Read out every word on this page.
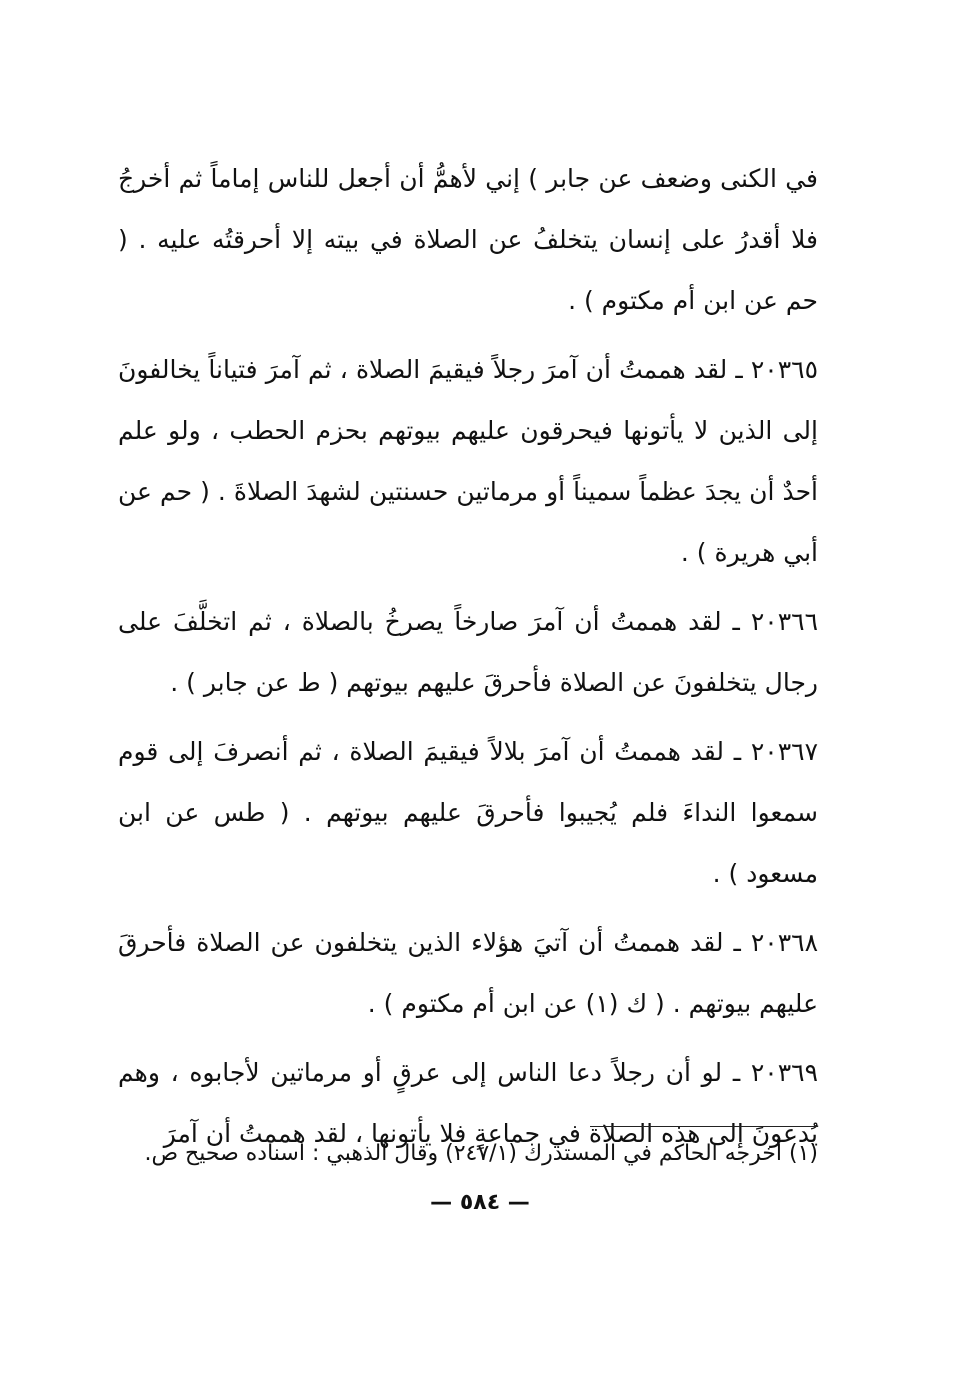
في الكنى وضعف عن جابر ) إني لأهمُّ أن أجعل للناس إماماً ثم أخرجُ فلا أقدرُ على إنسان يتخلفُ عن الصلاة في بيته إلا أحرقتُه عليه . ( حم عن ابن أم مكتوم ) .

٢٠٣٦٥ ـ لقد هممتُ أن آمرَ رجلاً فيقيمَ الصلاة ، ثم آمرَ فتياناً يخالفونَ إلى الذين لا يأتونها فيحرقون عليهم بيوتهم بحزم الحطب ، ولو علم أحدٌ أن يجدَ عظماً سميناً أو مرماتين حسنتين لشهدَ الصلاةَ . ( حم عن أبي هريرة ) .

٢٠٣٦٦ ـ لقد هممتُ أن آمرَ صارخاً يصرخُ بالصلاة ، ثم اتخلَّفَ على رجال يتخلفونَ عن الصلاة فأحرقَ عليهم بيوتهم ( ط عن جابر ) .

٢٠٣٦٧ ـ لقد هممتُ أن آمرَ بلالاً فيقيمَ الصلاة ، ثم أنصرفَ إلى قوم سمعوا النداءَ فلم يُجيبوا فأحرقَ عليهم بيوتهم . ( طس عن ابن مسعود ) .

٢٠٣٦٨ ـ لقد هممتُ أن آتيَ هؤلاء الذين يتخلفون عن الصلاة فأحرقَ عليهم بيوتهم . ( ك (١) عن ابن أم مكتوم ) .

٢٠٣٦٩ ـ لو أن رجلاً دعا الناس إلى عرقٍ أو مرماتين لأجابوه ، وهم يُدعونَ إلى هذه الصلاة في جماعةٍ فلا يأتونها ، لقد هممتُ أن آمرَ

(١) أخرجه الحاكم في المستدرك (٢٤٧/١) وقال الذهبي : اسناده صحيح ص.
— ٥٨٤ —
